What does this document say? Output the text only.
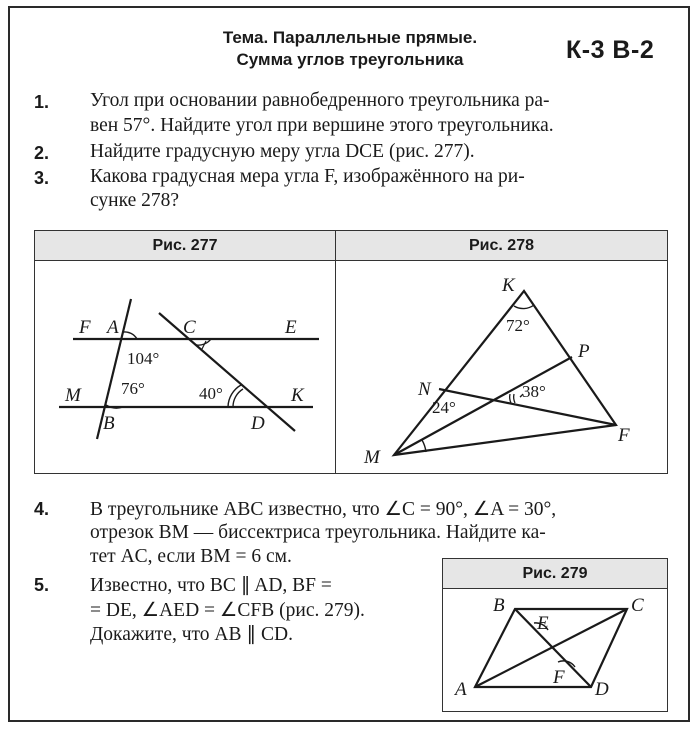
Тема. Параллельные прямые.
Сумма углов треугольника	К-3 В-2
1. Угол при основании равнобедренного треугольника ра-
вен 57°. Найдите угол при вершине этого треугольника.
2. Найдите градусную меру угла DCE (рис. 277).
3. Какова градусная мера угла F, изображённого на ри-
сунке 278?
Рис. 277	Рис. 278
F A	C	E
M
B	D
K
104°
76°	40°
K
P
N
F
M
72°
38°
24°
4. В треугольнике ABC известно, что ∠C = 90°, ∠A = 30°,
отрезок BM — биссектриса треугольника. Найдите ка-
тет AC, если BM = 6 см.
5. Известно, что BC ∥ AD, BF =
= DE, ∠AED = ∠CFB (рис. 279).
Докажите, что AB ∥ CD.
Рис. 279
B	C
E
F
A	D
